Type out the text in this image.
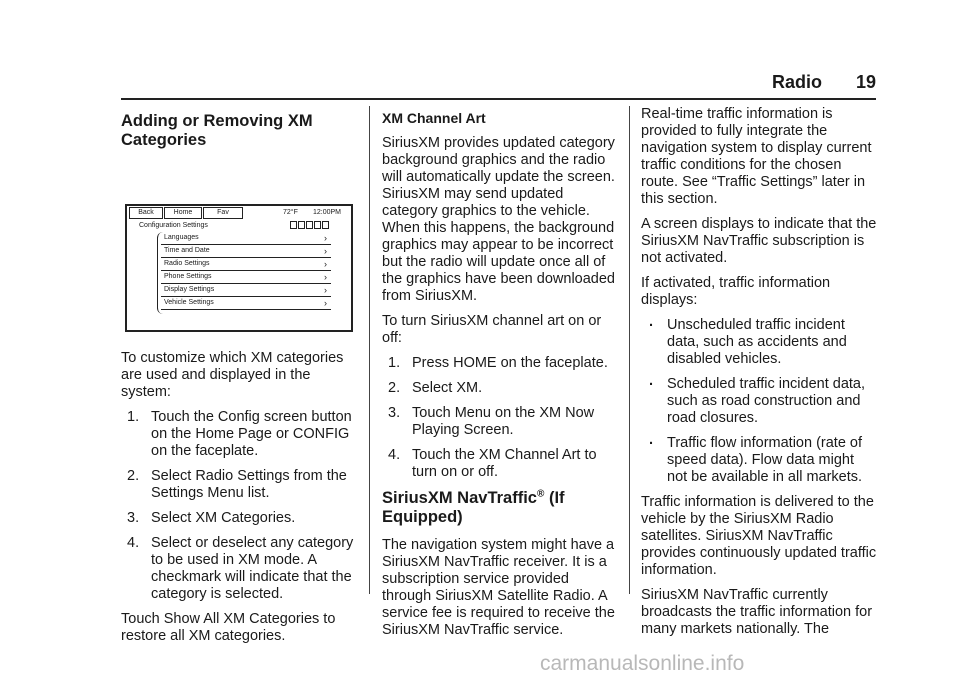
Radio 19
Adding or Removing XM Categories
Back	Home	Fav	72°F 12:00PM
Configuration Settings
Languages	›
Time and Date	›
Radio Settings	›
Phone Settings	›
Display Settings	›
Vehicle Settings	›

To customize which XM categories are used and displayed in the system:

1. Touch the Config screen button on the Home Page or CONFIG on the faceplate.
2. Select Radio Settings from the Settings Menu list.
3. Select XM Categories.
4. Select or deselect any category to be used in XM mode. A checkmark will indicate that the category is selected.

Touch Show All XM Categories to restore all XM categories.

XM Channel Art

SiriusXM provides updated category background graphics and the radio will automatically update the screen. SiriusXM may send updated category graphics to the vehicle. When this happens, the background graphics may appear to be incorrect but the radio will update once all of the graphics have been downloaded from SiriusXM.

To turn SiriusXM channel art on or off:

1. Press HOME on the faceplate.
2. Select XM.
3. Touch Menu on the XM Now Playing Screen.
4. Touch the XM Channel Art to turn on or off.
SiriusXM NavTraffic® (If Equipped)

The navigation system might have a SiriusXM NavTraffic receiver. It is a subscription service provided through SiriusXM Satellite Radio. A service fee is required to receive the SiriusXM NavTraffic service.

Real-time traffic information is provided to fully integrate the navigation system to display current traffic conditions for the chosen route. See “Traffic Settings” later in this section.

A screen displays to indicate that the SiriusXM NavTraffic subscription is not activated.

If activated, traffic information displays:

. Unscheduled traffic incident data, such as accidents and disabled vehicles.
. Scheduled traffic incident data, such as road construction and road closures.
. Traffic flow information (rate of speed data). Flow data might not be available in all markets.

Traffic information is delivered to the vehicle by the SiriusXM Radio satellites. SiriusXM NavTraffic provides continuously updated traffic information.

SiriusXM NavTraffic currently broadcasts the traffic information for many markets nationally. The

carmanualsonline.info
